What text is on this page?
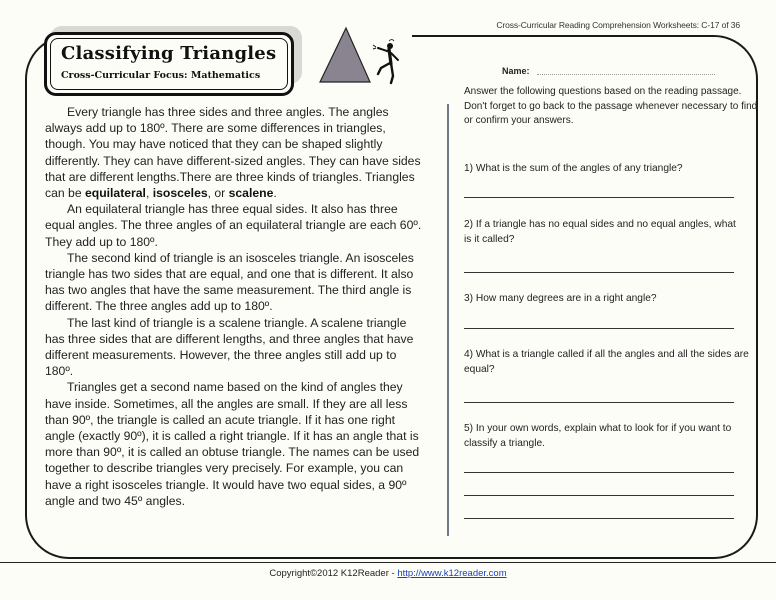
Cross-Curricular Reading Comprehension Worksheets: C-17 of 36
Classifying Triangles
Cross-Curricular Focus: Mathematics	Name:
Answer the following questions based on the reading passage. Don't forget to go back to the passage whenever necessary to find or confirm your answers.

Every triangle has three sides and three angles. The angles always add up to 180º. There are some differences in triangles, though. You may have noticed that they can be shaped slightly differently. They can have different-sized angles. They can have sides that are different lengths.There are three kinds of triangles. Triangles can be equilateral, isosceles, or scalene.

An equilateral triangle has three equal sides. It also has three equal angles. The three angles of an equilateral triangle are each 60º. They add up to 180º.

The second kind of triangle is an isosceles triangle. An isosceles triangle has two sides that are equal, and one that is different. It also has two angles that have the same measurement. The third angle is different. The three angles add up to 180º.

The last kind of triangle is a scalene triangle. A scalene triangle has three sides that are different lengths, and three angles that have different measurements. However, the three angles still add up to 180º.

Triangles get a second name based on the kind of angles they have inside. Sometimes, all the angles are small. If they are all less than 90º, the triangle is called an acute triangle. If it has one right angle (exactly 90º), it is called a right triangle. If it has an angle that is more than 90º, it is called an obtuse triangle. The names can be used together to describe triangles very precisely. For example, you can have a right isosceles triangle. It would have two equal sides, a 90º angle and two 45º angles.

1) What is the sum of the angles of any triangle?
2) If a triangle has no equal sides and no equal angles, what is it called?
3) How many degrees are in a right angle?
4) What is a triangle called if all the angles and all the sides are equal?
5) In your own words, explain what to look for if you want to classify a triangle.
Copyright©2012 K12Reader - http://www.k12reader.com
